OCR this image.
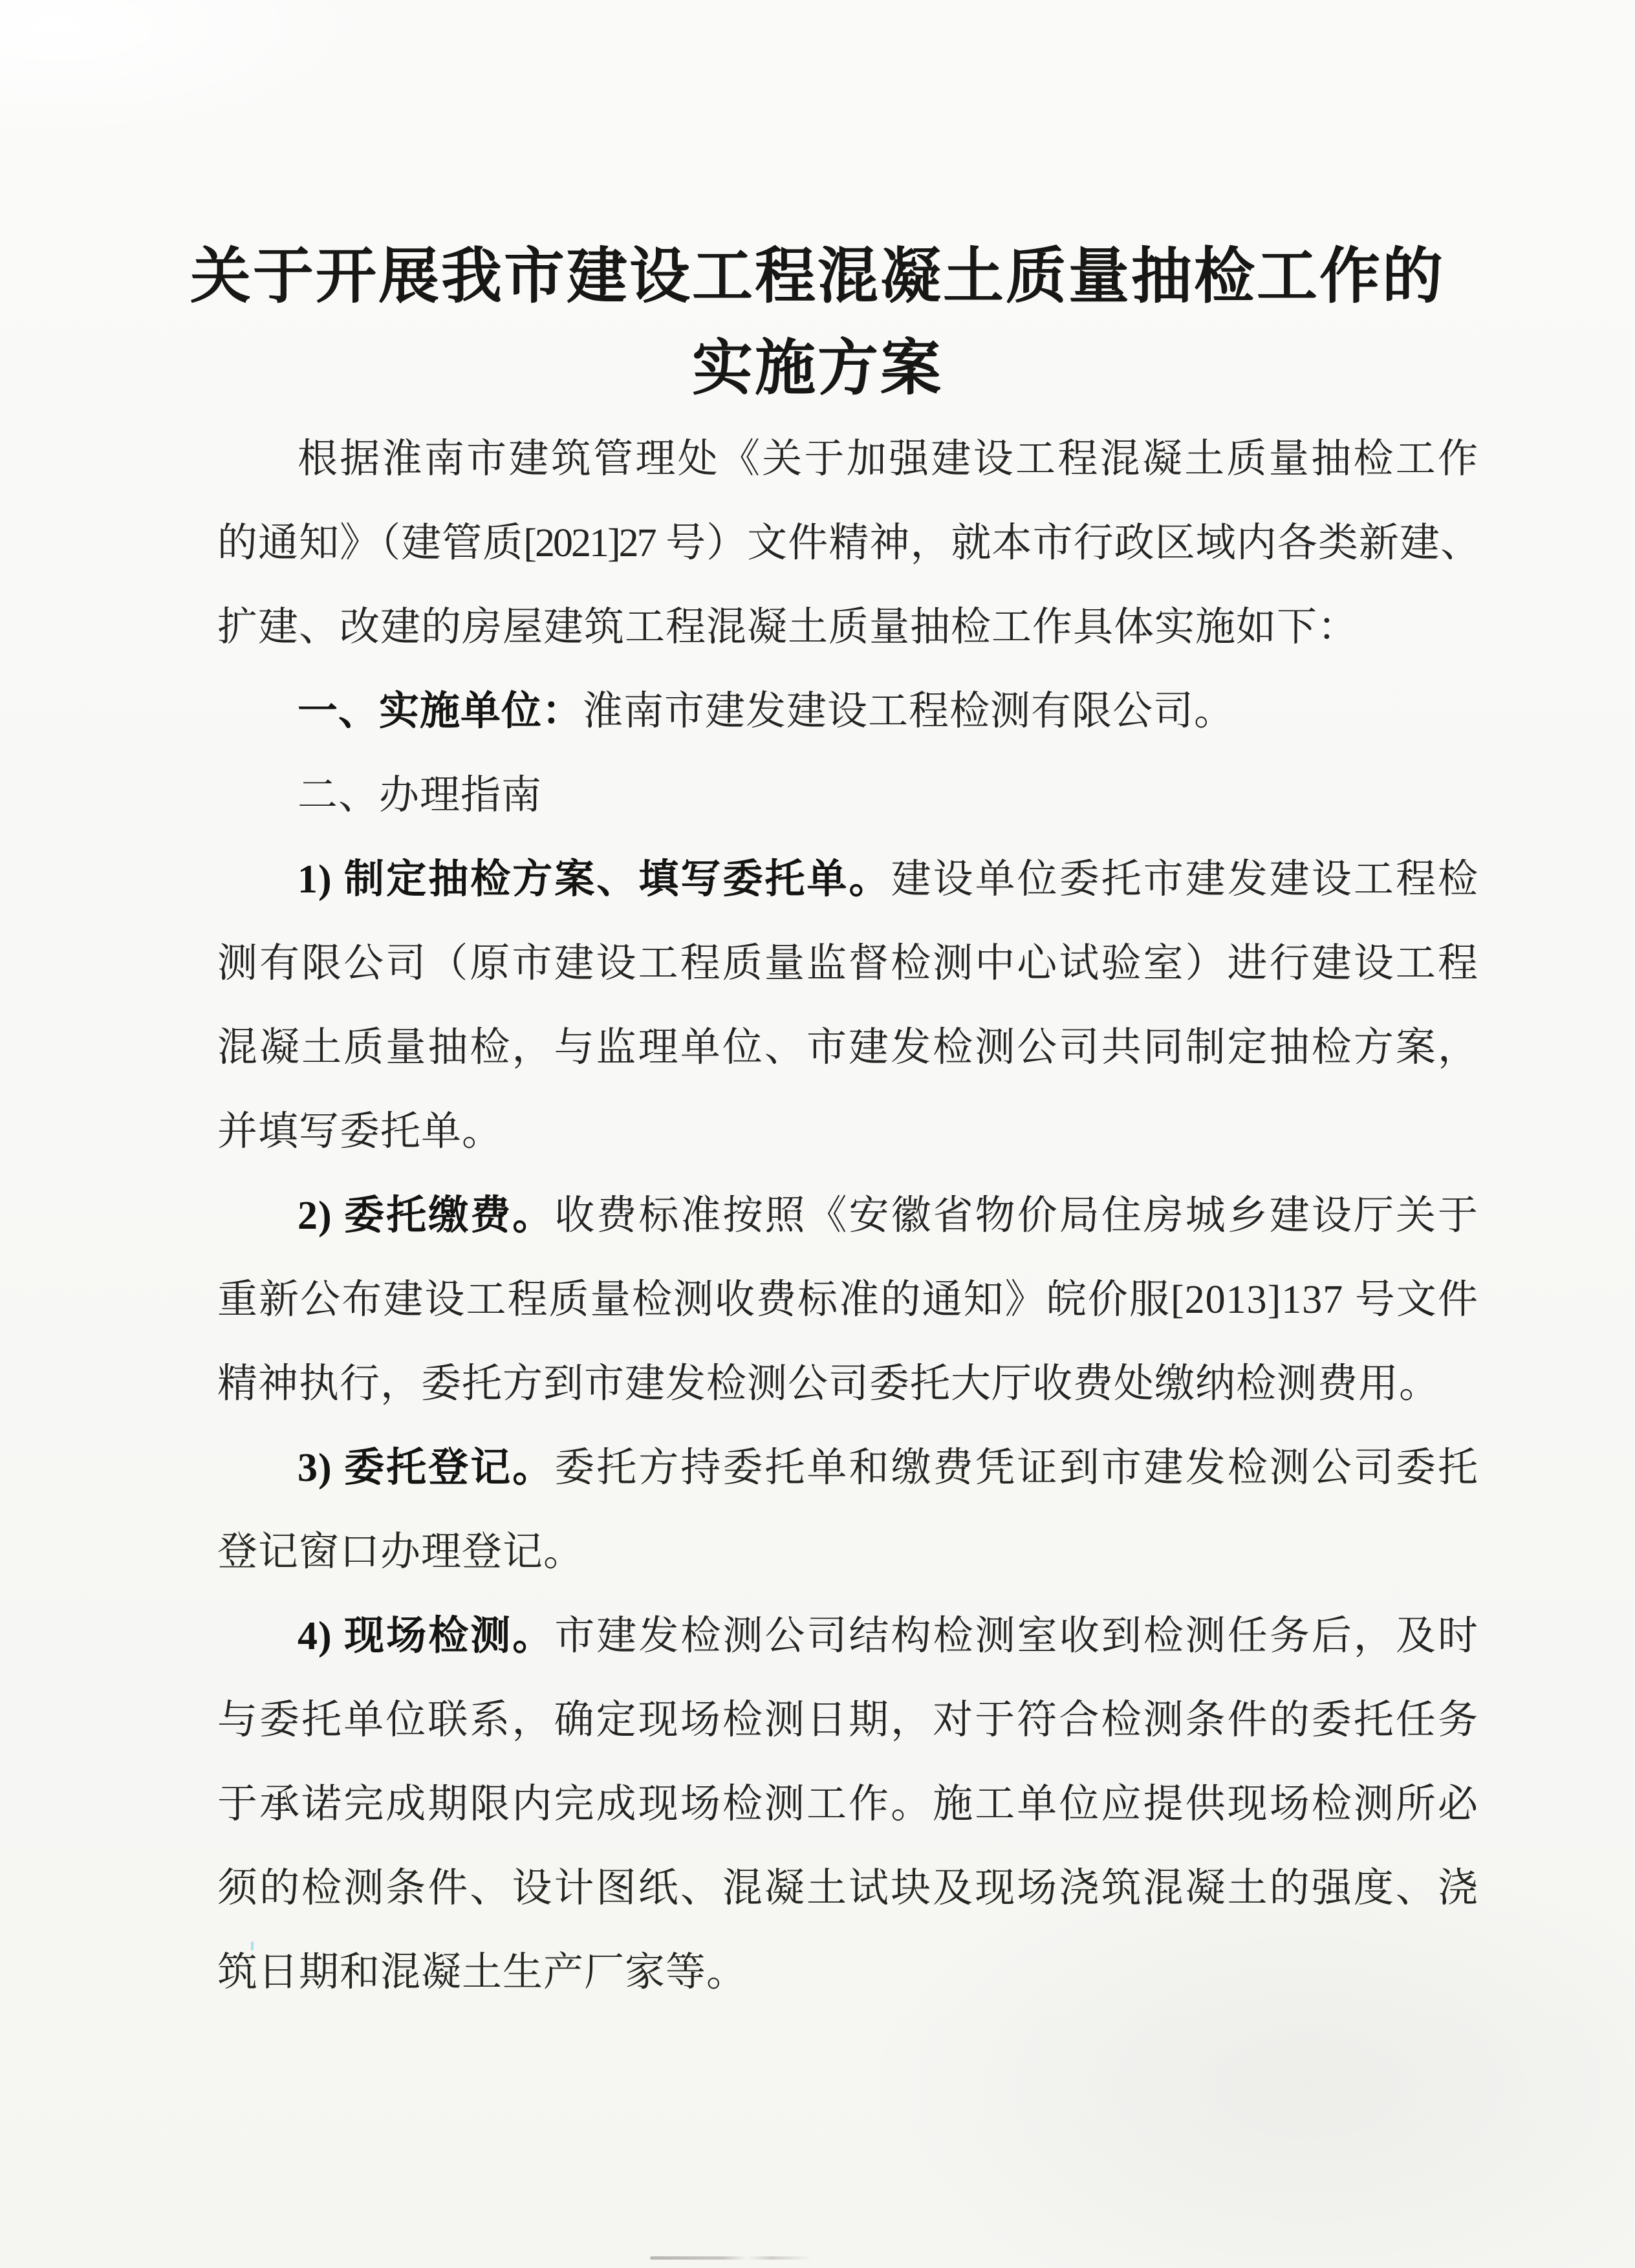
关于开展我市建设工程混凝土质量抽检工作的
实施方案
根据淮南市建筑管理处《关于加强建设工程混凝土质量抽检工作
的通知》（建管质[2021]27 号）文件精神，就本市行政区域内各类新建、
扩建、改建的房屋建筑工程混凝土质量抽检工作具体实施如下：
一、实施单位：淮南市建发建设工程检测有限公司。
二、办理指南
1) 制定抽检方案、填写委托单。建设单位委托市建发建设工程检
测有限公司（原市建设工程质量监督检测中心试验室）进行建设工程
混凝土质量抽检，与监理单位、市建发检测公司共同制定抽检方案，
并填写委托单。
2) 委托缴费。收费标准按照《安徽省物价局住房城乡建设厅关于
重新公布建设工程质量检测收费标准的通知》皖价服[2013]137 号文件
精神执行，委托方到市建发检测公司委托大厅收费处缴纳检测费用。
3) 委托登记。委托方持委托单和缴费凭证到市建发检测公司委托
登记窗口办理登记。
4) 现场检测。市建发检测公司结构检测室收到检测任务后，及时
与委托单位联系，确定现场检测日期，对于符合检测条件的委托任务
于承诺完成期限内完成现场检测工作。施工单位应提供现场检测所必
须的检测条件、设计图纸、混凝土试块及现场浇筑混凝土的强度、浇
筑日期和混凝土生产厂家等。
